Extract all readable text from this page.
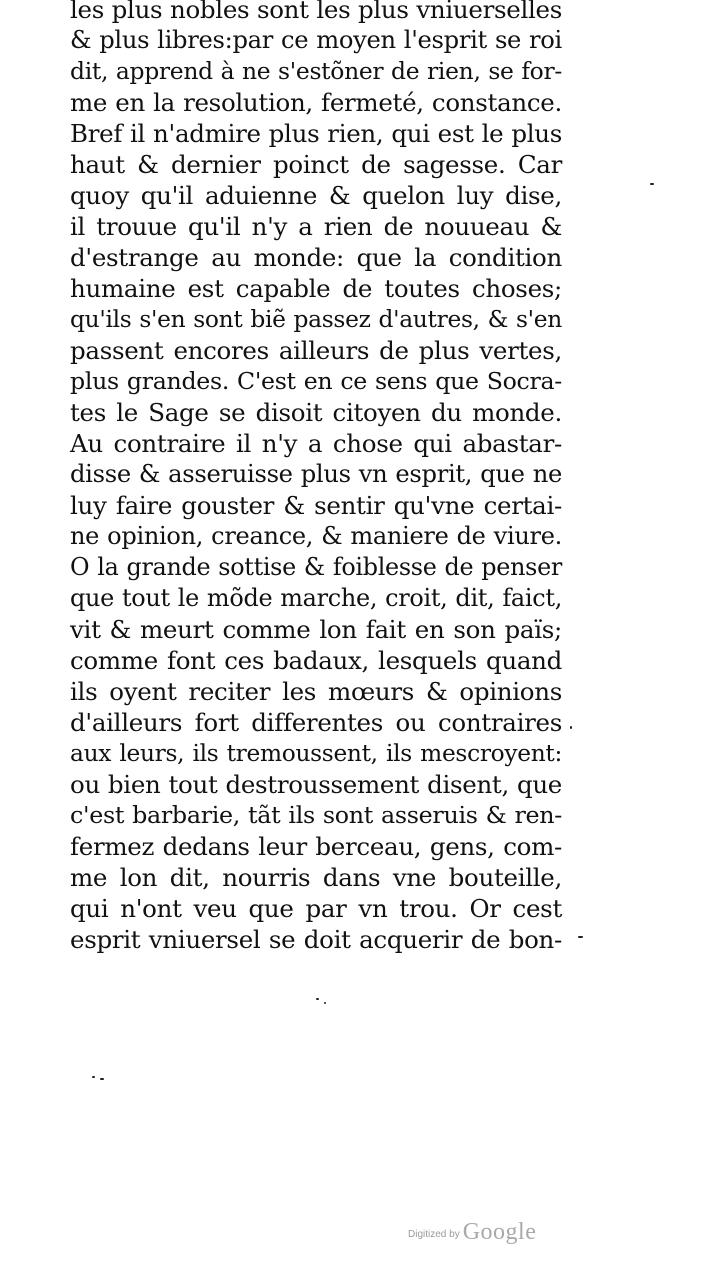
les plus nobles sont les plus vniuerselles
& plus libres:par ce moyen l'esprit se roi
dit, apprend à ne s'estõner de rien, se for-
me en la resolution, fermeté, constance.
Bref il n'admire plus rien, qui est le plus
haut & dernier poinct de sagesse. Car
quoy qu'il aduienne & quelon luy dise,
il trouue qu'il n'y a rien de nouueau &
d'estrange au monde: que la condition
humaine est capable de toutes choses;
qu'ils s'en sont biẽ passez d'autres, & s'en
passent encores ailleurs de plus vertes,
plus grandes. C'est en ce sens que Socra-
tes le Sage se disoit citoyen du monde.
Au contraire il n'y a chose qui abastar-
disse & asseruisse plus vn esprit, que ne
luy faire gouster & sentir qu'vne certai-
ne opinion, creance, & maniere de viure.
O la grande sottise & foiblesse de penser
que tout le mõde marche, croit, dit, faict,
vit & meurt comme lon fait en son païs;
comme font ces badaux, lesquels quand
ils oyent reciter les mœurs & opinions
d'ailleurs fort differentes ou contraires
aux leurs, ils tremoussent, ils mescroyent:
ou bien tout destroussement disent, que
c'est barbarie, tãt ils sont asseruis & ren-
fermez dedans leur berceau, gens, com-
me lon dit, nourris dans vne bouteille,
qui n'ont veu que par vn trou. Or cest
esprit vniuersel se doit acquerir de bon-
Digitized by Google
